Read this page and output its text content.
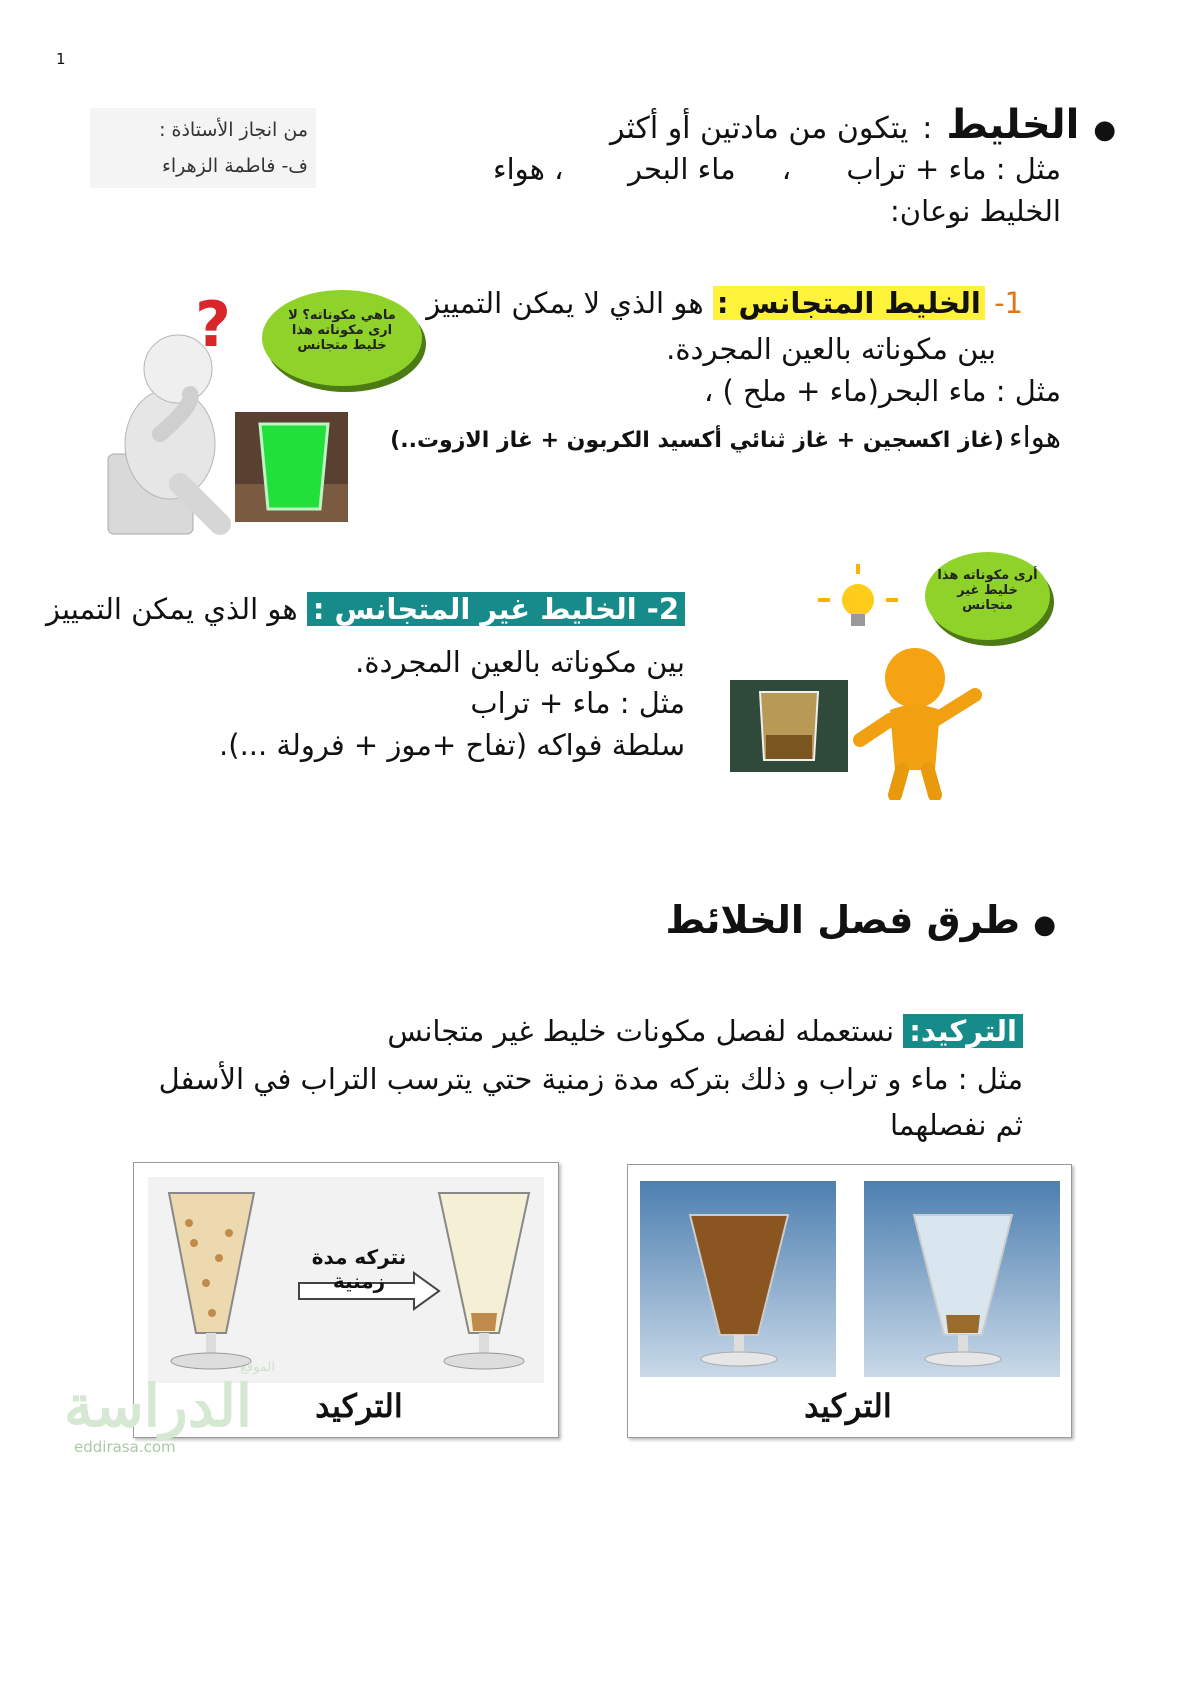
1
من انجاز الأستاذة :
ف- فاطمة الزهراء
● الخليط : يتكون من مادتين أو أكثر
مثل : ماء + تراب      ،     ماء البحر       ، هواء
الخليط نوعان:
1- الخليط المتجانس : هو الذي لا يمكن التمييز
بين مكوناته بالعين المجردة.
مثل : ماء البحر(ماء + ملح ) ،
هواء (غاز اكسجين + غاز ثنائي أكسيد الكربون + غاز الازوت..)
?	ماهي مكوناته؟ لا ارى مكوناته هذا خليط متجانس
2- الخليط غير المتجانس : هو الذي يمكن التمييز
بين مكوناته بالعين المجردة.
مثل : ماء + تراب
سلطة فواكه (تفاح +موز + فرولة ...).
أرى مكوناته هذا خليط غير متجانس
● طرق فصل الخلائط
التركيد: نستعمله لفصل مكونات خليط غير متجانس
مثل : ماء و تراب و ذلك بتركه مدة زمنية حتي يترسب التراب في الأسفل
ثم نفصلهما
نتركه مدة زمنية
التركيد	التركيد
الدراسة
الموقع
eddirasa.com
